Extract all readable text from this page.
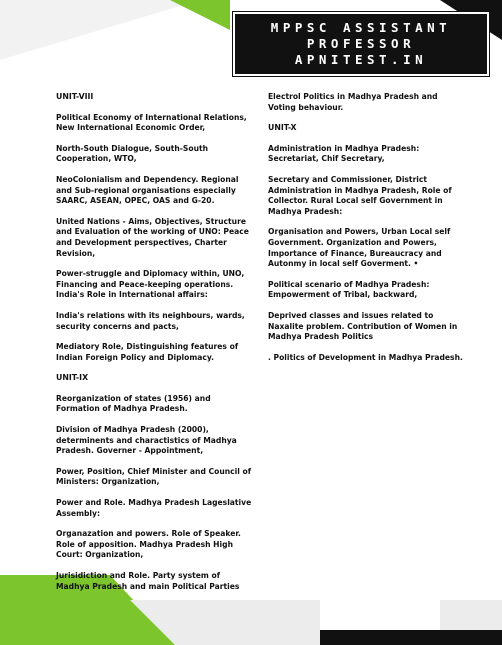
MPPSC ASSISTANT
PROFESSOR
APNITEST.IN
UNIT-VIII

Political Economy of International Relations, New International Economic Order,

North-South Dialogue, South-South Cooperation, WTO,

NeoColonialism and Dependency. Regional and Sub-regional organisations especially SAARC, ASEAN, OPEC, OAS and G-20.

United Nations - Aims, Objectives, Structure and Evaluation of the working of UNO: Peace and Development perspectives, Charter Revision,

Power-struggle and Diplomacy within, UNO, Financing and Peace-keeping operations. India's Role in International affairs:

India's relations with its neighbours, wards, security concerns and pacts,

Mediatory Role, Distinguishing features of Indian Foreign Policy and Diplomacy.

UNIT-IX

Reorganization of states (1956) and Formation of Madhya Pradesh.

Division of Madhya Pradesh (2000), determinents and charactistics of Madhya Pradesh. Governer - Appointment,

Power, Position, Chief Minister and Council of Ministers: Organization,

Power and Role. Madhya Pradesh Lageslative Assembly:

Organazation and powers. Role of Speaker. Role of apposition. Madhya Pradesh High Court: Organization,

Jurisidiction and Role. Party system of Madhya Pradesh and main Political Parties

Electrol Politics in Madhya Pradesh and Voting behaviour.

UNIT-X

Administration in Madhya Pradesh: Secretariat, Chif Secretary,

Secretary and Commissioner, District Administration in Madhya Pradesh, Role of Collector. Rural Local self Government in Madhya Pradesh:

Organisation and Powers, Urban Local self Government. Organization and Powers, Importance of Finance, Bureaucracy and Autonmy in local self Goverment. •

Political scenario of Madhya Pradesh: Empowerment of Tribal, backward,

Deprived classes and issues related to Naxalite problem. Contribution of Women in Madhya Pradesh Politics

. Politics of Development in Madhya Pradesh.
